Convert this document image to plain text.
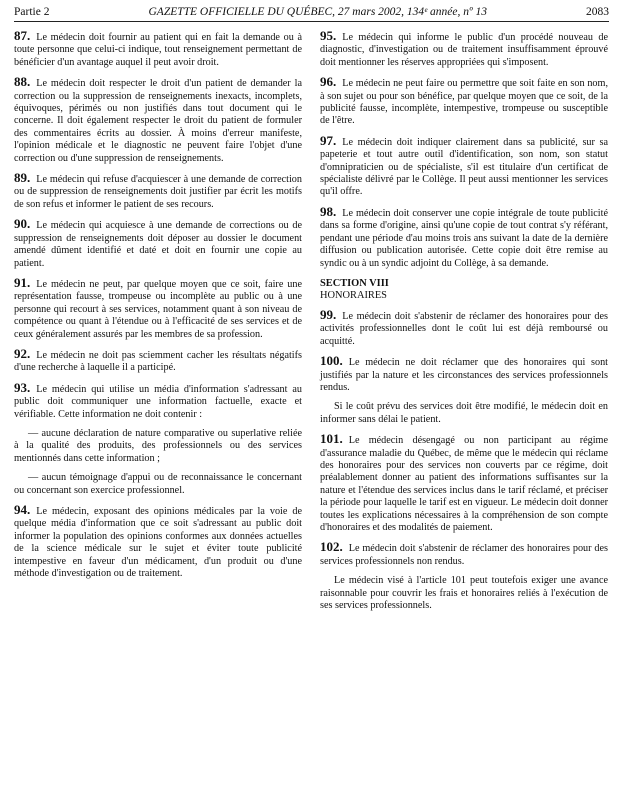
Partie 2	GAZETTE OFFICIELLE DU QUÉBEC, 27 mars 2002, 134ᵉ année, nº 13	2083

87. Le médecin doit fournir au patient qui en fait la demande ou à toute personne que celui-ci indique, tout renseignement permettant de bénéficier d'un avantage auquel il peut avoir droit.

88. Le médecin doit respecter le droit d'un patient de demander la correction ou la suppression de renseignements inexacts, incomplets, équivoques, périmés ou non justifiés dans tout document qui le concerne. Il doit également respecter le droit du patient de formuler des commentaires écrits au dossier. À moins d'erreur manifeste, l'opinion médicale et le diagnostic ne peuvent faire l'objet d'une correction ou d'une suppression de renseignements.

89. Le médecin qui refuse d'acquiescer à une demande de correction ou de suppression de renseignements doit justifier par écrit les motifs de son refus et informer le patient de ses recours.

90. Le médecin qui acquiesce à une demande de corrections ou de suppression de renseignements doit déposer au dossier le document amendé dûment identifié et daté et doit en fournir une copie au patient.

91. Le médecin ne peut, par quelque moyen que ce soit, faire une représentation fausse, trompeuse ou incomplète au public ou à une personne qui recourt à ses services, notamment quant à son niveau de compétence ou quant à l'étendue ou à l'efficacité de ses services et de ceux généralement assurés par les membres de sa profession.

92. Le médecin ne doit pas sciemment cacher les résultats négatifs d'une recherche à laquelle il a participé.

93. Le médecin qui utilise un média d'information s'adressant au public doit communiquer une information factuelle, exacte et vérifiable. Cette information ne doit contenir :

— aucune déclaration de nature comparative ou superlative reliée à la qualité des produits, des professionnels ou des services mentionnés dans cette information ;

— aucun témoignage d'appui ou de reconnaissance le concernant ou concernant son exercice professionnel.

94. Le médecin, exposant des opinions médicales par la voie de quelque média d'information que ce soit s'adressant au public doit informer la population des opinions conformes aux données actuelles de la science médicale sur le sujet et éviter toute publicité intempestive en faveur d'un médicament, d'un produit ou d'une méthode d'investigation ou de traitement.

95. Le médecin qui informe le public d'un procédé nouveau de diagnostic, d'investigation ou de traitement insuffisamment éprouvé doit mentionner les réserves appropriées qui s'imposent.

96. Le médecin ne peut faire ou permettre que soit faite en son nom, à son sujet ou pour son bénéfice, par quelque moyen que ce soit, de la publicité fausse, incomplète, intempestive, trompeuse ou susceptible de l'être.

97. Le médecin doit indiquer clairement dans sa publicité, sur sa papeterie et tout autre outil d'identification, son nom, son statut d'omnipraticien ou de spécialiste, s'il est titulaire d'un certificat de spécialiste délivré par le Collège. Il peut aussi mentionner les services qu'il offre.

98. Le médecin doit conserver une copie intégrale de toute publicité dans sa forme d'origine, ainsi qu'une copie de tout contrat s'y référant, pendant une période d'au moins trois ans suivant la date de la dernière diffusion ou publication autorisée. Cette copie doit être remise au syndic ou à un syndic adjoint du Collège, à sa demande.

SECTION VIII
HONORAIRES

99. Le médecin doit s'abstenir de réclamer des honoraires pour des activités professionnelles dont le coût lui est déjà remboursé ou acquitté.

100. Le médecin ne doit réclamer que des honoraires qui sont justifiés par la nature et les circonstances des services professionnels rendus.

Si le coût prévu des services doit être modifié, le médecin doit en informer sans délai le patient.

101. Le médecin désengagé ou non participant au régime d'assurance maladie du Québec, de même que le médecin qui réclame des honoraires pour des services non couverts par ce régime, doit préalablement donner au patient des informations suffisantes sur la nature et l'étendue des services inclus dans le tarif réclamé, et préciser la période pour laquelle le tarif est en vigueur. Le médecin doit donner toutes les explications nécessaires à la compréhension de son compte d'honoraires et des modalités de paiement.

102. Le médecin doit s'abstenir de réclamer des honoraires pour des services professionnels non rendus.

Le médecin visé à l'article 101 peut toutefois exiger une avance raisonnable pour couvrir les frais et honoraires reliés à l'exécution de ses services professionnels.
